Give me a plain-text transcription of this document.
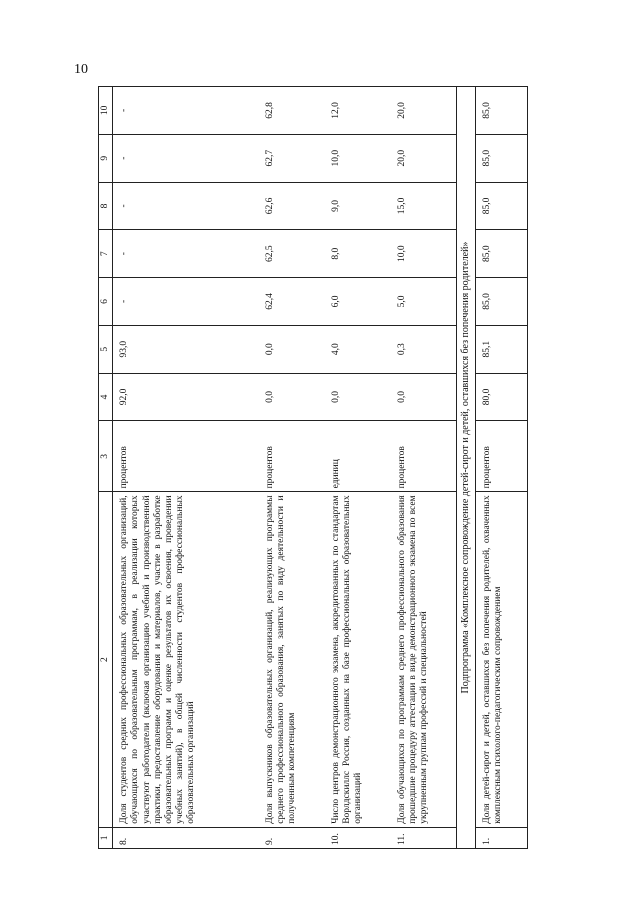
10
1	2	3	4	5	6	7	8	9	10
8.	Доля студентов средних профессиональных образовательных организаций, обучающихся по образовательным программам, в реализации которых участвуют работодатели (включая организацию учебной и производственной практики, предоставление оборудования и материалов, участие в разработке образовательных программ и оценке результатов их освоения, проведении учебных занятий), в общей численности студентов профессиональных образовательных организаций	процентов	92,0	93,0	-	-	-	-	-
9.	Доля выпускников образовательных организаций, реализующих программы среднего профессионального образования, занятых по виду деятельности и полученным компетенциям	процентов	0,0	0,0	62,4	62,5	62,6	62,7	62,8
10.	Число центров демонстрационного экзамена, аккредитованных по стандартам Ворлдскиллс Россия, созданных на базе профессиональных образовательных организаций	единиц	0,0	4,0	6,0	8,0	9,0	10,0	12,0
11.	Доля обучающихся по программам среднего профессионального образования прошедшие процедуру аттестации в виде демонстрационного экзамена по всем укрупненным группам профессий и специальностей	процентов	0,0	0,3	5,0	10,0	15,0	20,0	20,0
Подпрограмма «Комплексное сопровождение детей-сирот и детей, оставшихся без попечения родителей»									
1.	Доля детей-сирот и детей, оставшихся без попечения родителей, охваченных комплексным психолого-педагогическим сопровождением	процентов	80,0	85,1	85,0	85,0	85,0	85,0	85,0
